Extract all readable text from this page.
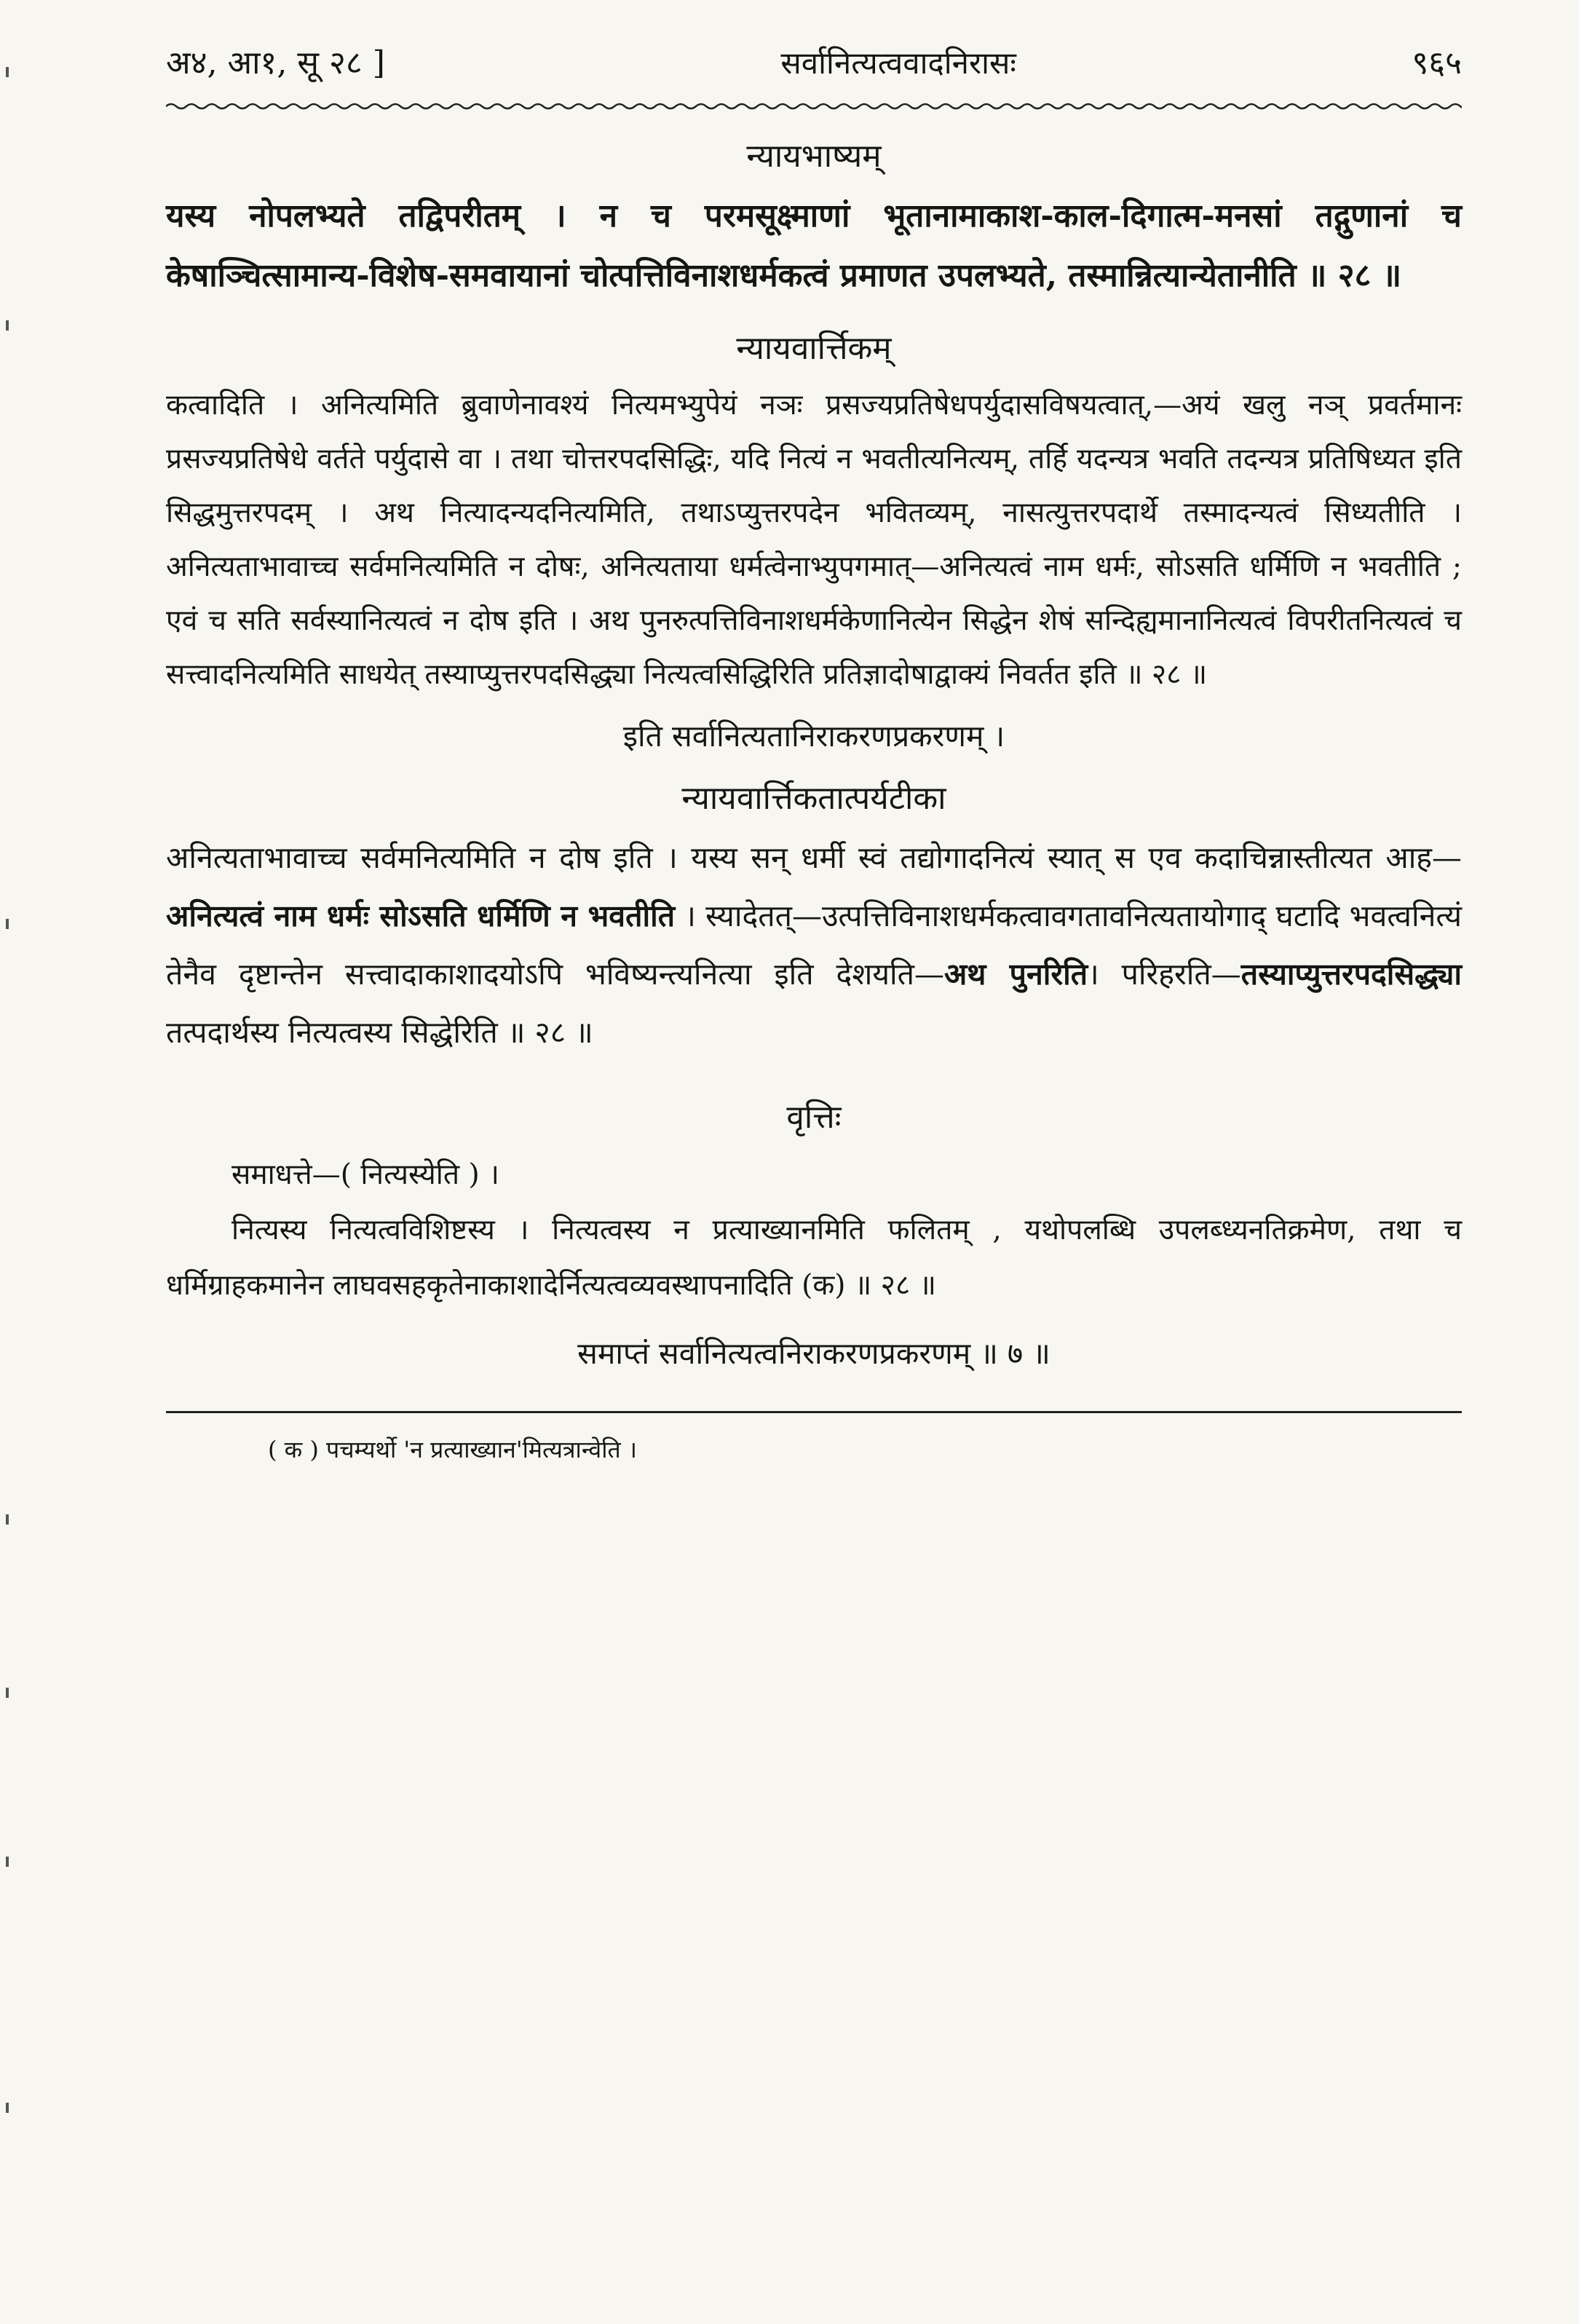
अ४, आ१, सू २८ ]	सर्वानित्यत्ववादनिरासः	९६५
न्यायभाष्यम्
यस्य नोपलभ्यते तद्विपरीतम् । न च परमसूक्ष्माणां भूतानामाकाश-काल-दिगात्म-मनसां तद्गुणानां च केषाञ्चित्सामान्य-विशेष-समवायानां चोत्पत्तिविनाशधर्मकत्वं प्रमाणत उपलभ्यते, तस्मान्नित्यान्येतानीति ॥ २८ ॥
न्यायवार्त्तिकम्
कत्वादिति । अनित्यमिति ब्रुवाणेनावश्यं नित्यमभ्युपेयं नञः प्रसज्यप्रतिषेधपर्युदासविषयत्वात्,—अयं खलु नञ् प्रवर्तमानः प्रसज्यप्रतिषेधे वर्तते पर्युदासे वा । तथा चोत्तरपदसिद्धिः, यदि नित्यं न भवतीत्यनित्यम्, तर्हि यदन्यत्र भवति तदन्यत्र प्रतिषिध्यत इति सिद्धमुत्तरपदम् । अथ नित्यादन्यदनित्यमिति, तथाऽप्युत्तरपदेन भवितव्यम्, नासत्युत्तरपदार्थे तस्मादन्यत्वं सिध्यतीति । अनित्यताभावाच्च सर्वमनित्यमिति न दोषः, अनित्यताया धर्मत्वेनाभ्युपगमात्—अनित्यत्वं नाम धर्मः, सोऽसति धर्मिणि न भवतीति ; एवं च सति सर्वस्यानित्यत्वं न दोष इति । अथ पुनरुत्पत्तिविनाशधर्मकेणानित्येन सिद्धेन शेषं सन्दिह्यमानानित्यत्वं विपरीतनित्यत्वं च सत्त्वादनित्यमिति साधयेत् तस्याप्युत्तरपदसिद्ध्या नित्यत्वसिद्धिरिति प्रतिज्ञादोषाद्वाक्यं निवर्तत इति ॥ २८ ॥
इति सर्वानित्यतानिराकरणप्रकरणम् ।
न्यायवार्त्तिकतात्पर्यटीका
अनित्यताभावाच्च सर्वमनित्यमिति न दोष इति । यस्य सन् धर्मी स्वं तद्योगादनित्यं स्यात् स एव कदाचिन्नास्तीत्यत आह—अनित्यत्वं नाम धर्मः सोऽसति धर्मिणि न भवतीति । स्यादेतत्—उत्पत्तिविनाशधर्मकत्वावगतावनित्यतायोगाद् घटादि भवत्वनित्यं तेनैव दृष्टान्तेन सत्त्वादाकाशादयोऽपि भविष्यन्त्यनित्या इति देशयति—अथ पुनरिति। परिहरति—तस्याप्युत्तरपदसिद्ध्या तत्पदार्थस्य नित्यत्वस्य सिद्धेरिति ॥ २८ ॥
वृत्तिः
समाधत्ते—( नित्यस्येति ) ।
नित्यस्य नित्यत्वविशिष्टस्य । नित्यत्वस्य न प्रत्याख्यानमिति फलितम् , यथोपलब्धि उपलब्ध्यनतिक्रमेण, तथा च धर्मिग्राहकमानेन लाघवसहकृतेनाकाशादेर्नित्यत्वव्यवस्थापनादिति (क) ॥ २८ ॥
समाप्तं सर्वानित्यत्वनिराकरणप्रकरणम् ॥ ७ ॥
( क ) पचम्यर्थो 'न प्रत्याख्यान'मित्यत्रान्वेति ।
